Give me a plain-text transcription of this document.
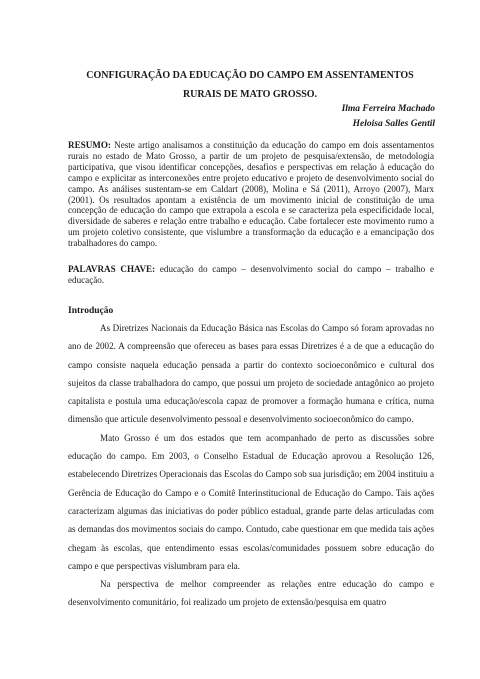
CONFIGURAÇÃO DA EDUCAÇÃO DO CAMPO EM ASSENTAMENTOS
RURAIS DE MATO GROSSO.
Ilma Ferreira Machado
Heloisa Salles Gentil
RESUMO: Neste artigo analisamos a constituição da educação do campo em dois assentamentos rurais no estado de Mato Grosso, a partir de um projeto de pesquisa/extensão, de metodologia participativa, que visou identificar concepções, desafios e perspectivas em relação à educação do campo e explicitar as interconexões entre projeto educativo e projeto de desenvolvimento social do campo. As análises sustentam-se em Caldart (2008), Molina e Sá (2011), Arroyo (2007), Marx (2001). Os resultados apontam a existência de um movimento inicial de constituição de uma concepção de educação do campo que extrapola a escola e se caracteriza pela especificidade local, diversidade de saberes e relação entre trabalho e educação. Cabe fortalecer este movimento rumo a um projeto coletivo consistente, que vislumbre a transformação da educação e a emancipação dos trabalhadores do campo.
PALAVRAS CHAVE: educação do campo – desenvolvimento social do campo – trabalho e educação.
Introdução

As Diretrizes Nacionais da Educação Básica nas Escolas do Campo só foram aprovadas no ano de 2002. A compreensão que ofereceu as bases para essas Diretrizes é a de que a educação do campo consiste naquela educação pensada a partir do contexto socioeconômico e cultural dos sujeitos da classe trabalhadora do campo, que possui um projeto de sociedade antagônico ao projeto capitalista e postula uma educação/escola capaz de promover a formação humana e crítica, numa dimensão que articule desenvolvimento pessoal e desenvolvimento socioeconômico do campo.

Mato Grosso é um dos estados que tem acompanhado de perto as discussões sobre educação do campo. Em 2003, o Conselho Estadual de Educação aprovou a Resolução 126, estabelecendo Diretrizes Operacionais das Escolas do Campo sob sua jurisdição; em 2004 instituiu a Gerência de Educação do Campo e o Comitê Interinstitucional de Educação do Campo. Tais ações caracterizam algumas das iniciativas do poder público estadual, grande parte delas articuladas com as demandas dos movimentos sociais do campo. Contudo, cabe questionar em que medida tais ações chegam às escolas, que entendimento essas escolas/comunidades possuem sobre educação do campo e que perspectivas vislumbram para ela.

Na perspectiva de melhor compreender as relações entre educação do campo e desenvolvimento comunitário, foi realizado um projeto de extensão/pesquisa em quatro
